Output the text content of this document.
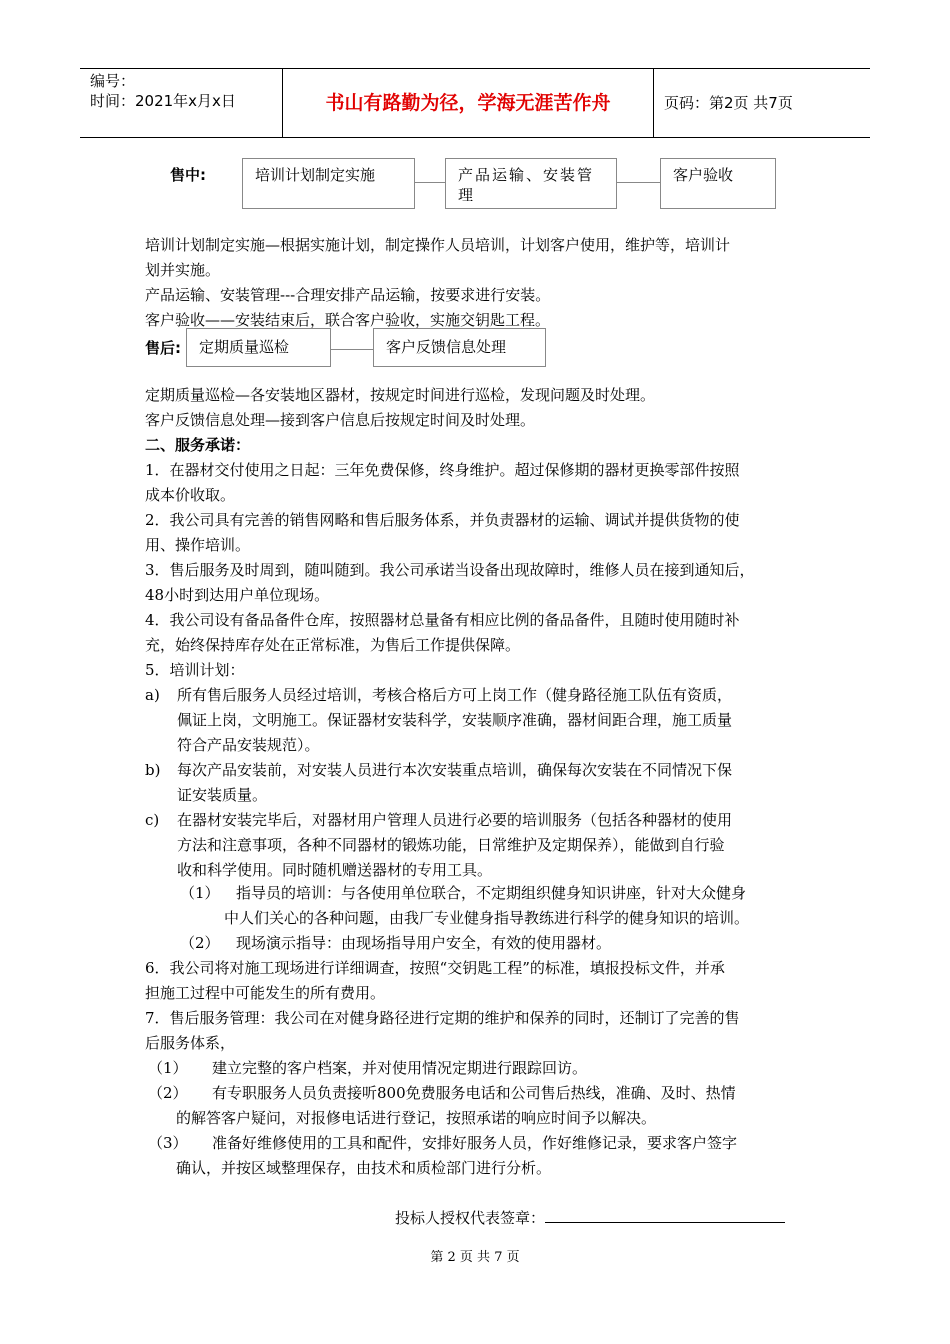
编号：
时间：2021年x月x日	书山有路勤为径，学海无涯苦作舟	页码：第2页 共7页
售中:	培训计划制定实施	产品运输、安装管理
客户验收
培训计划制定实施—根据实施计划，制定操作人员培训，计划客户使用，维护等，培训计
划并实施。
产品运输、安装管理---合理安排产品运输，按要求进行安装。
客户验收——安装结束后，联合客户验收，实施交钥匙工程。
售后:	定期质量巡检	客户反馈信息处理
定期质量巡检—各安装地区器材，按规定时间进行巡检，发现问题及时处理。
客户反馈信息处理—接到客户信息后按规定时间及时处理。
二、服务承诺：
1．在器材交付使用之日起：三年免费保修，终身维护。超过保修期的器材更换零部件按照
成本价收取。
2．我公司具有完善的销售网略和售后服务体系，并负责器材的运输、调试并提供货物的使
用、操作培训。
3．售后服务及时周到，随叫随到。我公司承诺当设备出现故障时，维修人员在接到通知后，
48小时到达用户单位现场。
4．我公司设有备品备件仓库，按照器材总量备有相应比例的备品备件，且随时使用随时补
充，始终保持库存处在正常标准，为售后工作提供保障。
5．培训计划：
a) 所有售后服务人员经过培训，考核合格后方可上岗工作（健身路径施工队伍有资质，
佩证上岗，文明施工。保证器材安装科学，安装顺序准确，器材间距合理，施工质量
符合产品安装规范）。
b) 每次产品安装前，对安装人员进行本次安装重点培训，确保每次安装在不同情况下保
证安装质量。
c) 在器材安装完毕后，对器材用户管理人员进行必要的培训服务（包括各种器材的使用
方法和注意事项，各种不同器材的锻炼功能，日常维护及定期保养），能做到自行验
收和科学使用。同时随机赠送器材的专用工具。
（1） 指导员的培训：与各使用单位联合，不定期组织健身知识讲座，针对大众健身
中人们关心的各种问题，由我厂专业健身指导教练进行科学的健身知识的培训。
（2） 现场演示指导：由现场指导用户安全，有效的使用器材。
6．我公司将对施工现场进行详细调查，按照“交钥匙工程”的标准，填报投标文件，并承
担施工过程中可能发生的所有费用。
7．售后服务管理：我公司在对健身路径进行定期的维护和保养的同时，还制订了完善的售
后服务体系，
（1） 建立完整的客户档案，并对使用情况定期进行跟踪回访。
（2） 有专职服务人员负责接听800免费服务电话和公司售后热线，准确、及时、热情
的解答客户疑问，对报修电话进行登记，按照承诺的响应时间予以解决。
（3） 准备好维修使用的工具和配件，安排好服务人员，作好维修记录，要求客户签字
确认，并按区域整理保存，由技术和质检部门进行分析。
投标人授权代表签章：
第 2 页 共 7 页
